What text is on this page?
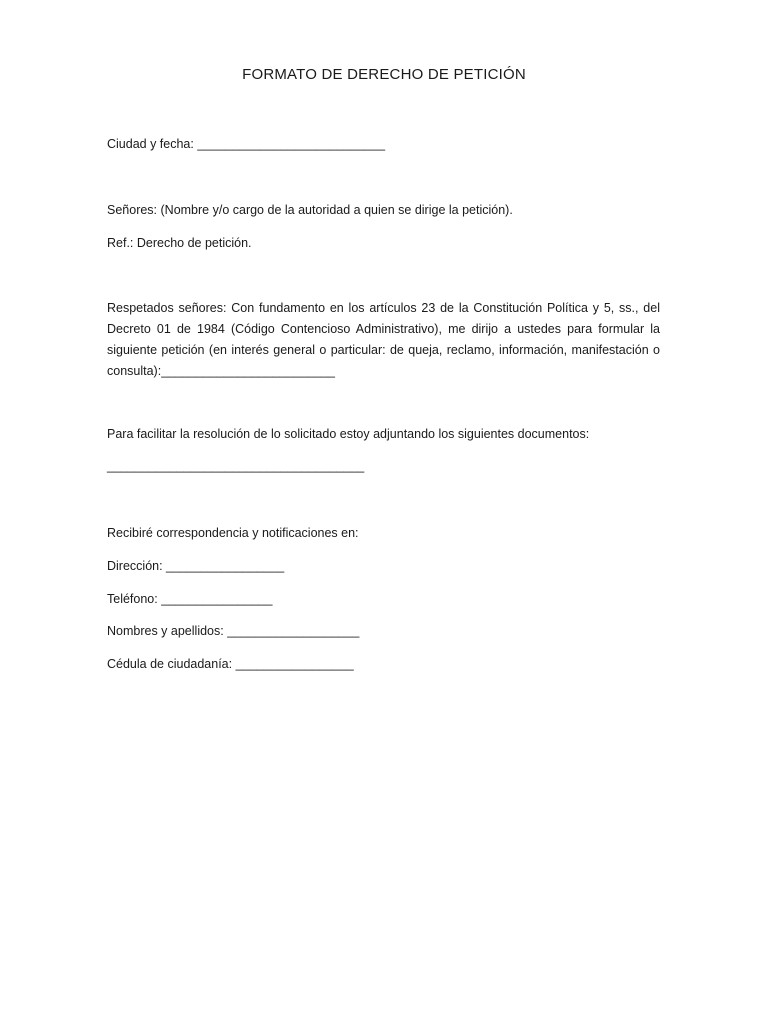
FORMATO DE DERECHO DE PETICIÓN
Ciudad y fecha: ___________________________
Señores: (Nombre y/o cargo de la autoridad a quien se dirige la petición).
Ref.: Derecho de petición.
Respetados señores: Con fundamento en los artículos 23 de la Constitución Política y 5, ss., del Decreto 01 de 1984 (Código Contencioso Administrativo), me dirijo a ustedes para formular la siguiente petición (en interés general o particular: de queja, reclamo, información, manifestación o consulta):_________________________
Para facilitar la resolución de lo solicitado estoy adjuntando los siguientes documentos:
_____________________________________
Recibiré correspondencia y notificaciones en:
Dirección: _________________
Teléfono: ________________
Nombres y apellidos: ___________________
Cédula de ciudadanía: _________________
